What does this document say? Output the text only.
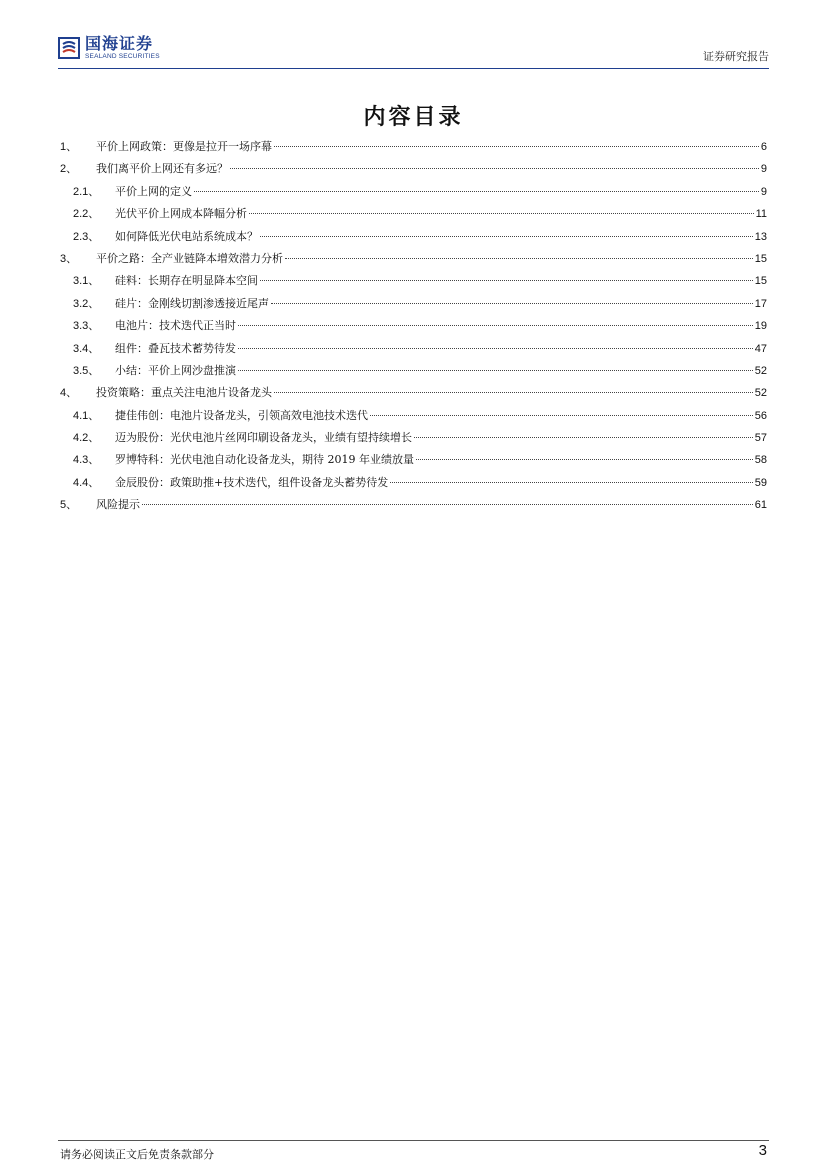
国海证券
SEALAND SECURITIES	证券研究报告
内容目录
1、	平价上网政策：更像是拉开一场序幕	6
2、	我们离平价上网还有多远？	9
2.1、	平价上网的定义	9
2.2、	光伏平价上网成本降幅分析	11
2.3、	如何降低光伏电站系统成本？	13
3、	平价之路：全产业链降本增效潜力分析	15
3.1、	硅料：长期存在明显降本空间	15
3.2、	硅片：金刚线切割渗透接近尾声	17
3.3、	电池片：技术迭代正当时	19
3.4、	组件：叠瓦技术蓄势待发	47
3.5、	小结：平价上网沙盘推演	52
4、	投资策略：重点关注电池片设备龙头	52
4.1、	捷佳伟创：电池片设备龙头，引领高效电池技术迭代	56
4.2、	迈为股份：光伏电池片丝网印刷设备龙头，业绩有望持续增长	57
4.3、	罗博特科：光伏电池自动化设备龙头，期待 2019 年业绩放量	58
4.4、	金辰股份：政策助推+技术迭代，组件设备龙头蓄势待发	59
5、	风险提示	61
请务必阅读正文后免责条款部分	3
